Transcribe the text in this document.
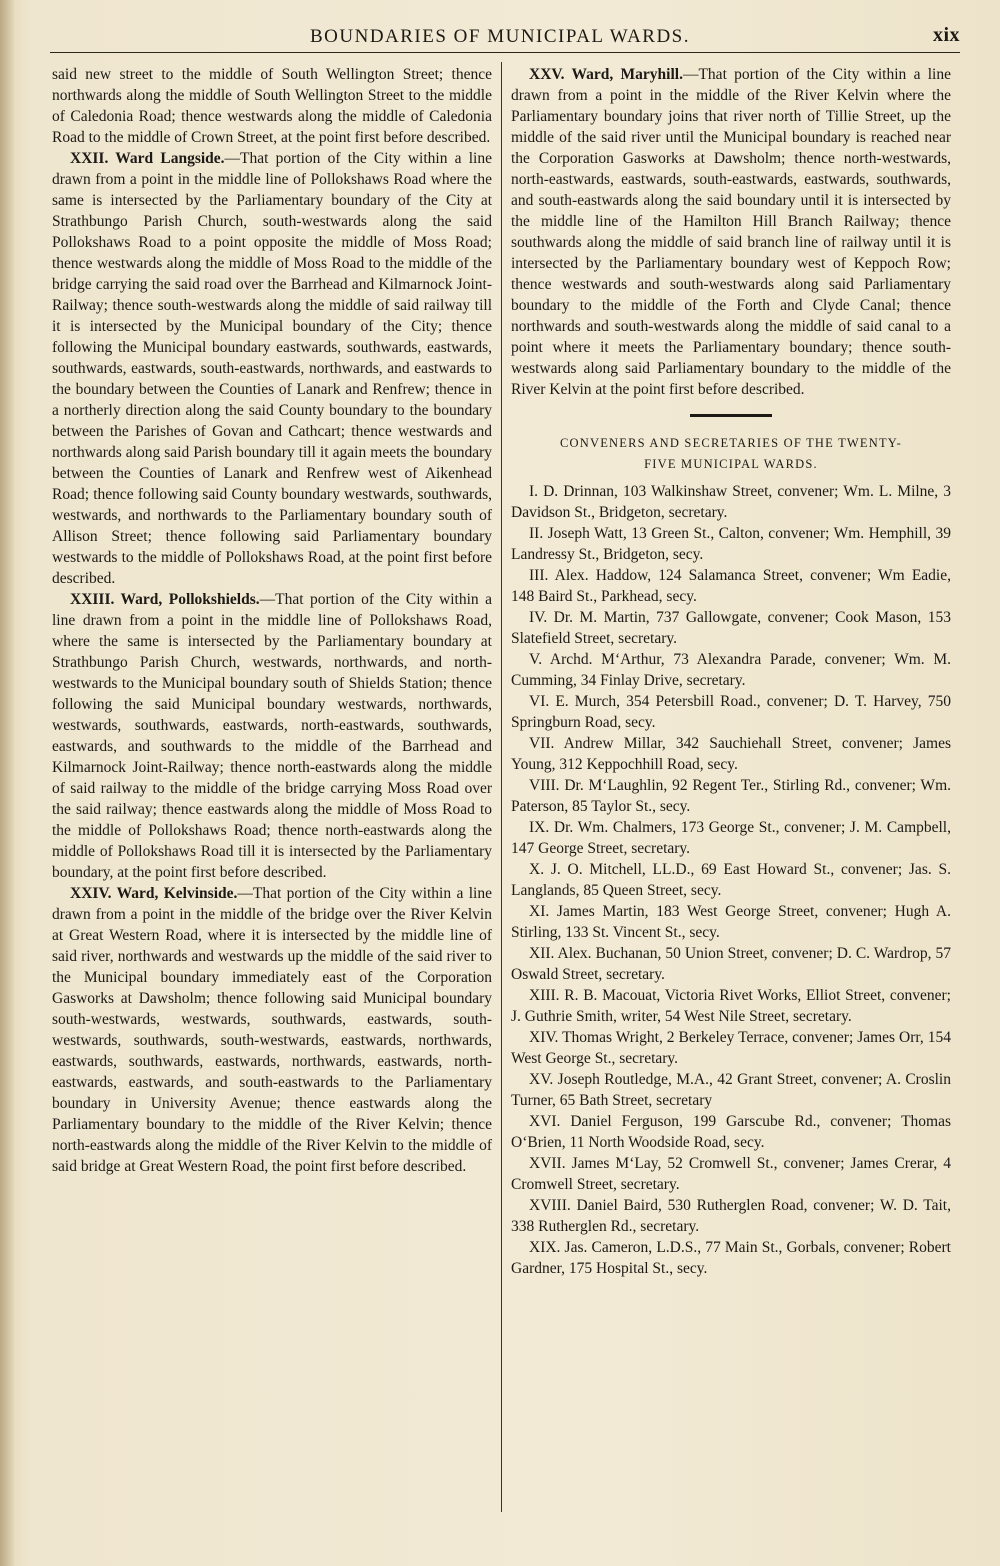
BOUNDARIES OF MUNICIPAL WARDS.	xix

said new street to the middle of South Wellington Street; thence northwards along the middle of South Wellington Street to the middle of Caledonia Road; thence westwards along the middle of Caledonia Road to the middle of Crown Street, at the point first before described.

XXII. Ward Langside.—That portion of the City within a line drawn from a point in the middle line of Pollokshaws Road where the same is intersected by the Parliamentary boundary of the City at Strathbungo Parish Church, south-westwards along the said Pollokshaws Road to a point opposite the middle of Moss Road; thence westwards along the middle of Moss Road to the middle of the bridge carrying the said road over the Barrhead and Kilmarnock Joint-Railway; thence south-westwards along the middle of said railway till it is intersected by the Municipal boundary of the City; thence following the Municipal boundary eastwards, southwards, eastwards, southwards, eastwards, south-eastwards, northwards, and eastwards to the boundary between the Counties of Lanark and Renfrew; thence in a northerly direction along the said County boundary to the boundary between the Parishes of Govan and Cathcart; thence westwards and northwards along said Parish boundary till it again meets the boundary between the Counties of Lanark and Renfrew west of Aikenhead Road; thence following said County boundary westwards, southwards, westwards, and northwards to the Parliamentary boundary south of Allison Street; thence following said Parliamentary boundary westwards to the middle of Pollokshaws Road, at the point first before described.

XXIII. Ward, Pollokshields.—That portion of the City within a line drawn from a point in the middle line of Pollokshaws Road, where the same is intersected by the Parliamentary boundary at Strathbungo Parish Church, westwards, northwards, and north-westwards to the Municipal boundary south of Shields Station; thence following the said Municipal boundary westwards, northwards, westwards, southwards, eastwards, north-eastwards, southwards, eastwards, and southwards to the middle of the Barrhead and Kilmarnock Joint-Railway; thence north-eastwards along the middle of said railway to the middle of the bridge carrying Moss Road over the said railway; thence eastwards along the middle of Moss Road to the middle of Pollokshaws Road; thence north-eastwards along the middle of Pollokshaws Road till it is intersected by the Parliamentary boundary, at the point first before described.

XXIV. Ward, Kelvinside.—That portion of the City within a line drawn from a point in the middle of the bridge over the River Kelvin at Great Western Road, where it is intersected by the middle line of said river, northwards and westwards up the middle of the said river to the Municipal boundary immediately east of the Corporation Gasworks at Dawsholm; thence following said Municipal boundary south-westwards, westwards, southwards, eastwards, south-westwards, southwards, south-westwards, eastwards, northwards, eastwards, southwards, eastwards, northwards, eastwards, north-eastwards, eastwards, and south-eastwards to the Parliamentary boundary in University Avenue; thence eastwards along the Parliamentary boundary to the middle of the River Kelvin; thence north-eastwards along the middle of the River Kelvin to the middle of said bridge at Great Western Road, the point first before described.

XXV. Ward, Maryhill.—That portion of the City within a line drawn from a point in the middle of the River Kelvin where the Parliamentary boundary joins that river north of Tillie Street, up the middle of the said river until the Municipal boundary is reached near the Corporation Gasworks at Dawsholm; thence north-westwards, north-eastwards, eastwards, south-eastwards, eastwards, southwards, and south-eastwards along the said boundary until it is intersected by the middle line of the Hamilton Hill Branch Railway; thence southwards along the middle of said branch line of railway until it is intersected by the Parliamentary boundary west of Keppoch Row; thence westwards and south-westwards along said Parliamentary boundary to the middle of the Forth and Clyde Canal; thence northwards and south-westwards along the middle of said canal to a point where it meets the Parliamentary boundary; thence south-westwards along said Parliamentary boundary to the middle of the River Kelvin at the point first before described.

CONVENERS AND SECRETARIES OF THE TWENTY-
FIVE MUNICIPAL WARDS.

I. D. Drinnan, 103 Walkinshaw Street, convener; Wm. L. Milne, 3 Davidson St., Bridgeton, secretary.

II. Joseph Watt, 13 Green St., Calton, convener; Wm. Hemphill, 39 Landressy St., Bridgeton, secy.

III. Alex. Haddow, 124 Salamanca Street, convener; Wm Eadie, 148 Baird St., Parkhead, secy.

IV. Dr. M. Martin, 737 Gallowgate, convener; Cook Mason, 153 Slatefield Street, secretary.

V. Archd. M‘Arthur, 73 Alexandra Parade, convener; Wm. M. Cumming, 34 Finlay Drive, secretary.

VI. E. Murch, 354 Petersbill Road., convener; D. T. Harvey, 750 Springburn Road, secy.

VII. Andrew Millar, 342 Sauchiehall Street, convener; James Young, 312 Keppochhill Road, secy.

VIII. Dr. M‘Laughlin, 92 Regent Ter., Stirling Rd., convener; Wm. Paterson, 85 Taylor St., secy.

IX. Dr. Wm. Chalmers, 173 George St., convener; J. M. Campbell, 147 George Street, secretary.

X. J. O. Mitchell, LL.D., 69 East Howard St., convener; Jas. S. Langlands, 85 Queen Street, secy.

XI. James Martin, 183 West George Street, convener; Hugh A. Stirling, 133 St. Vincent St., secy.

XII. Alex. Buchanan, 50 Union Street, convener; D. C. Wardrop, 57 Oswald Street, secretary.

XIII. R. B. Macouat, Victoria Rivet Works, Elliot Street, convener; J. Guthrie Smith, writer, 54 West Nile Street, secretary.

XIV. Thomas Wright, 2 Berkeley Terrace, convener; James Orr, 154 West George St., secretary.

XV. Joseph Routledge, M.A., 42 Grant Street, convener; A. Croslin Turner, 65 Bath Street, secretary

XVI. Daniel Ferguson, 199 Garscube Rd., convener; Thomas O‘Brien, 11 North Woodside Road, secy.

XVII. James M‘Lay, 52 Cromwell St., convener; James Crerar, 4 Cromwell Street, secretary.

XVIII. Daniel Baird, 530 Rutherglen Road, convener; W. D. Tait, 338 Rutherglen Rd., secretary.

XIX. Jas. Cameron, L.D.S., 77 Main St., Gorbals, convener; Robert Gardner, 175 Hospital St., secy.
